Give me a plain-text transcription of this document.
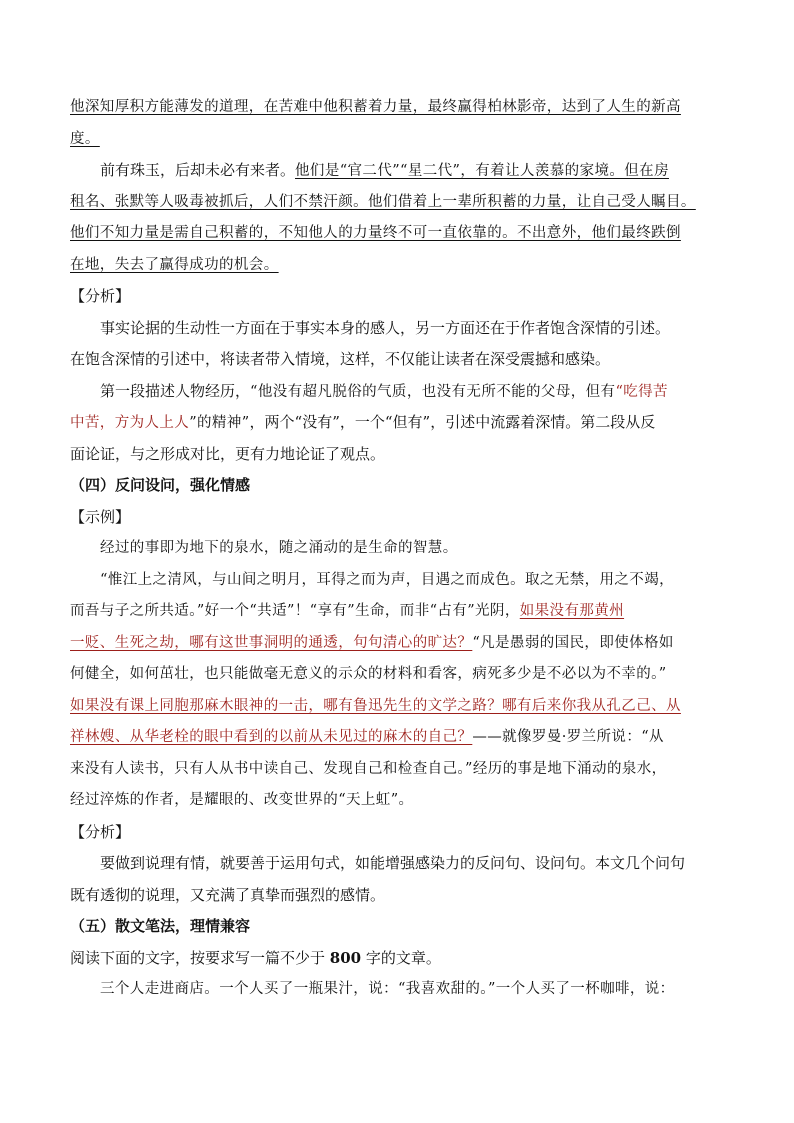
他深知厚积方能薄发的道理，在苦难中他积蓄着力量，最终赢得柏林影帝，达到了人生的新高
度。
前有珠玉，后却未必有来者。他们是“官二代”“星二代”，有着让人羡慕的家境。但在房
租名、张默等人吸毒被抓后，人们不禁汗颜。他们借着上一辈所积蓄的力量，让自己受人瞩目。
他们不知力量是需自己积蓄的，不知他人的力量终不可一直依靠的。不出意外，他们最终跌倒
在地，失去了赢得成功的机会。
【分析】
事实论据的生动性一方面在于事实本身的感人，另一方面还在于作者饱含深情的引述。
在饱含深情的引述中，将读者带入情境，这样，不仅能让读者在深受震撼和感染。
第一段描述人物经历，“他没有超凡脱俗的气质，也没有无所不能的父母，但有“吃得苦
中苦，方为人上人”的精神”，两个“没有”，一个“但有”，引述中流露着深情。第二段从反
面论证，与之形成对比，更有力地论证了观点。
（四）反问设问，强化情感
【示例】
经过的事即为地下的泉水，随之涌动的是生命的智慧。
“惟江上之清风，与山间之明月，耳得之而为声，目遇之而成色。取之无禁，用之不竭，
而吾与子之所共适。”好一个“共适”！“享有”生命，而非“占有”光阴，如果没有那黄州
一贬、生死之劫，哪有这世事洞明的通透，句句清心的旷达？“凡是愚弱的国民，即使体格如
何健全，如何茁壮，也只能做毫无意义的示众的材料和看客，病死多少是不必以为不幸的。”
如果没有课上同胞那麻木眼神的一击，哪有鲁迅先生的文学之路？哪有后来你我从孔乙己、从
祥林嫂、从华老栓的眼中看到的以前从未见过的麻木的自己？——就像罗曼·罗兰所说：“从
来没有人读书，只有人从书中读自己、发现自己和检查自己。”经历的事是地下涌动的泉水，
经过淬炼的作者，是耀眼的、改变世界的“天上虹”。
【分析】
要做到说理有情，就要善于运用句式，如能增强感染力的反问句、设问句。本文几个问句
既有透彻的说理，又充满了真挚而强烈的感情。
（五）散文笔法，理情兼容
阅读下面的文字，按要求写一篇不少于 800 字的文章。
三个人走进商店。一个人买了一瓶果汁，说：“我喜欢甜的。”一个人买了一杯咖啡，说：
